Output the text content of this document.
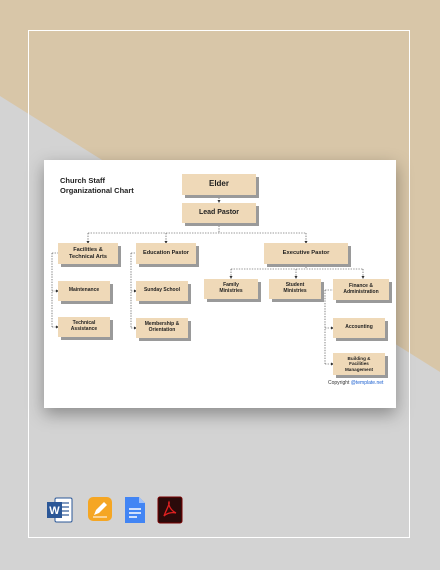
Church Staff
Organizational Chart
Elder
Lead Pastor
Facilities &
Technical Arts
Education Pastor	Executive Pastor
Maintenance
Technical
Assistance
Sunday School
Membership &
Orientation
Family
Ministries
Student
Ministries
Finance &
Administration
Accounting
Building &
Facilities
Management
Copyright @template.net
W
